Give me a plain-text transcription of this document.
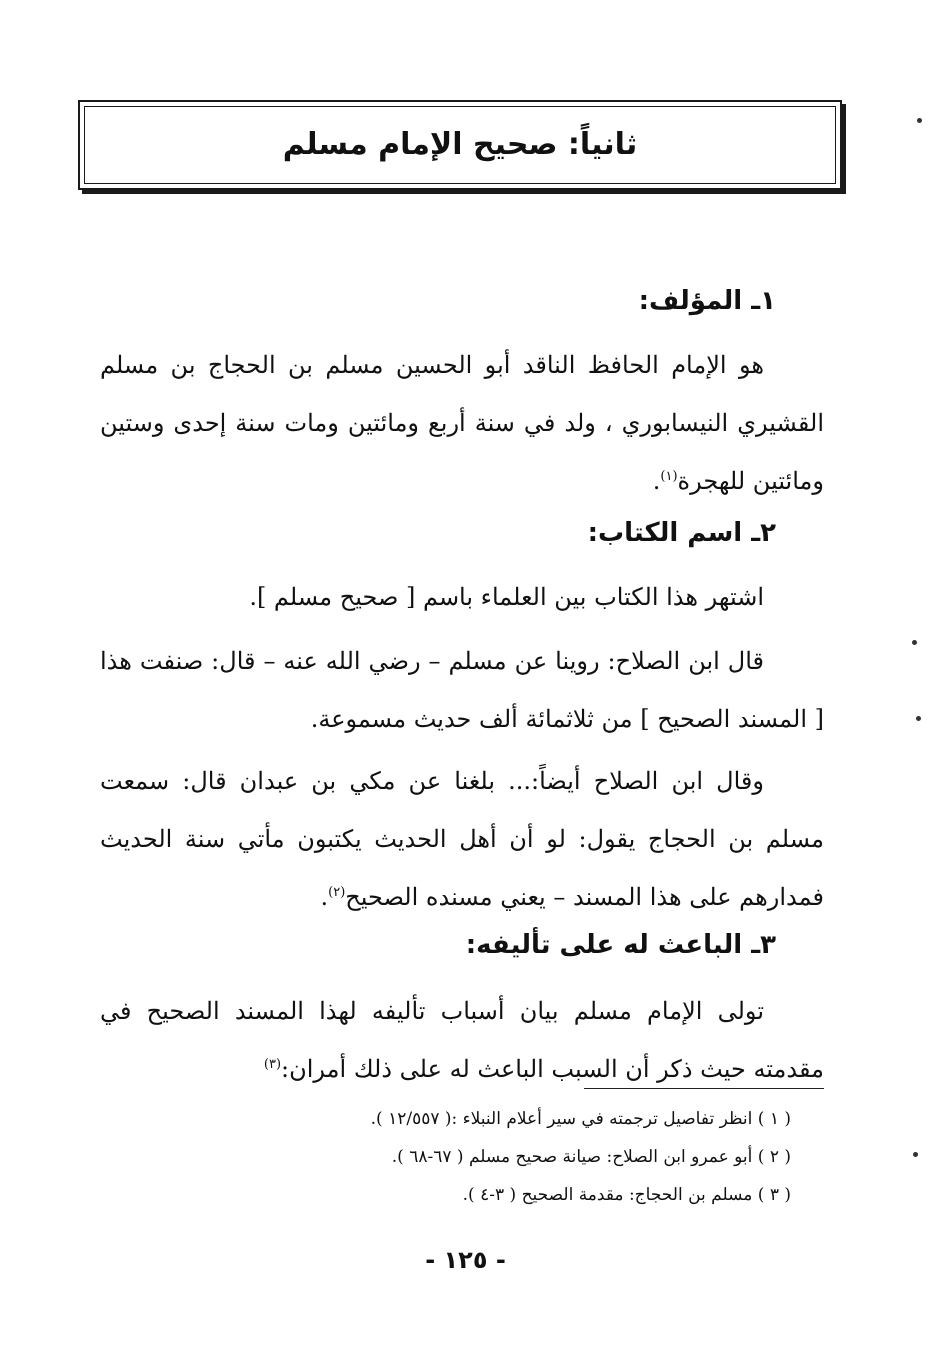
ثانياً: صحيح الإمام مسلم
١ـ المؤلف:

هو الإمام الحافظ الناقد أبو الحسين مسلم بن الحجاج بن مسلم القشيري النيسابوري ، ولد في سنة أربع ومائتين ومات سنة إحدى وستين ومائتين للهجرة$^{(١)}$.

٢ـ اسم الكتاب:

اشتهر هذا الكتاب بين العلماء باسم [ صحيح مسلم ].

قال ابن الصلاح: روينا عن مسلم – رضي الله عنه – قال: صنفت هذا [ المسند الصحيح ] من ثلاثمائة ألف حديث مسموعة.

وقال ابن الصلاح أيضاً:... بلغنا عن مكي بن عبدان قال: سمعت مسلم بن الحجاج يقول: لو أن أهل الحديث يكتبون مأتي سنة الحديث فمدارهم على هذا المسند – يعني مسنده الصحيح$^{(٢)}$.

٣ـ الباعث له على تأليفه:

تولى الإمام مسلم بيان أسباب تأليفه لهذا المسند الصحيح في مقدمته حيث ذكر أن السبب الباعث له على ذلك أمران:$^{(٣)}$

( ١ ) انظر تفاصيل ترجمته في سير أعلام النبلاء :( ١٢/٥٥٧ ).
( ٢ ) أبو عمرو ابن الصلاح: صيانة صحيح مسلم ( ٦٧-٦٨ ).
( ٣ ) مسلم بن الحجاج: مقدمة الصحيح ( ٣-٤ ).
- ١٢٥ -
